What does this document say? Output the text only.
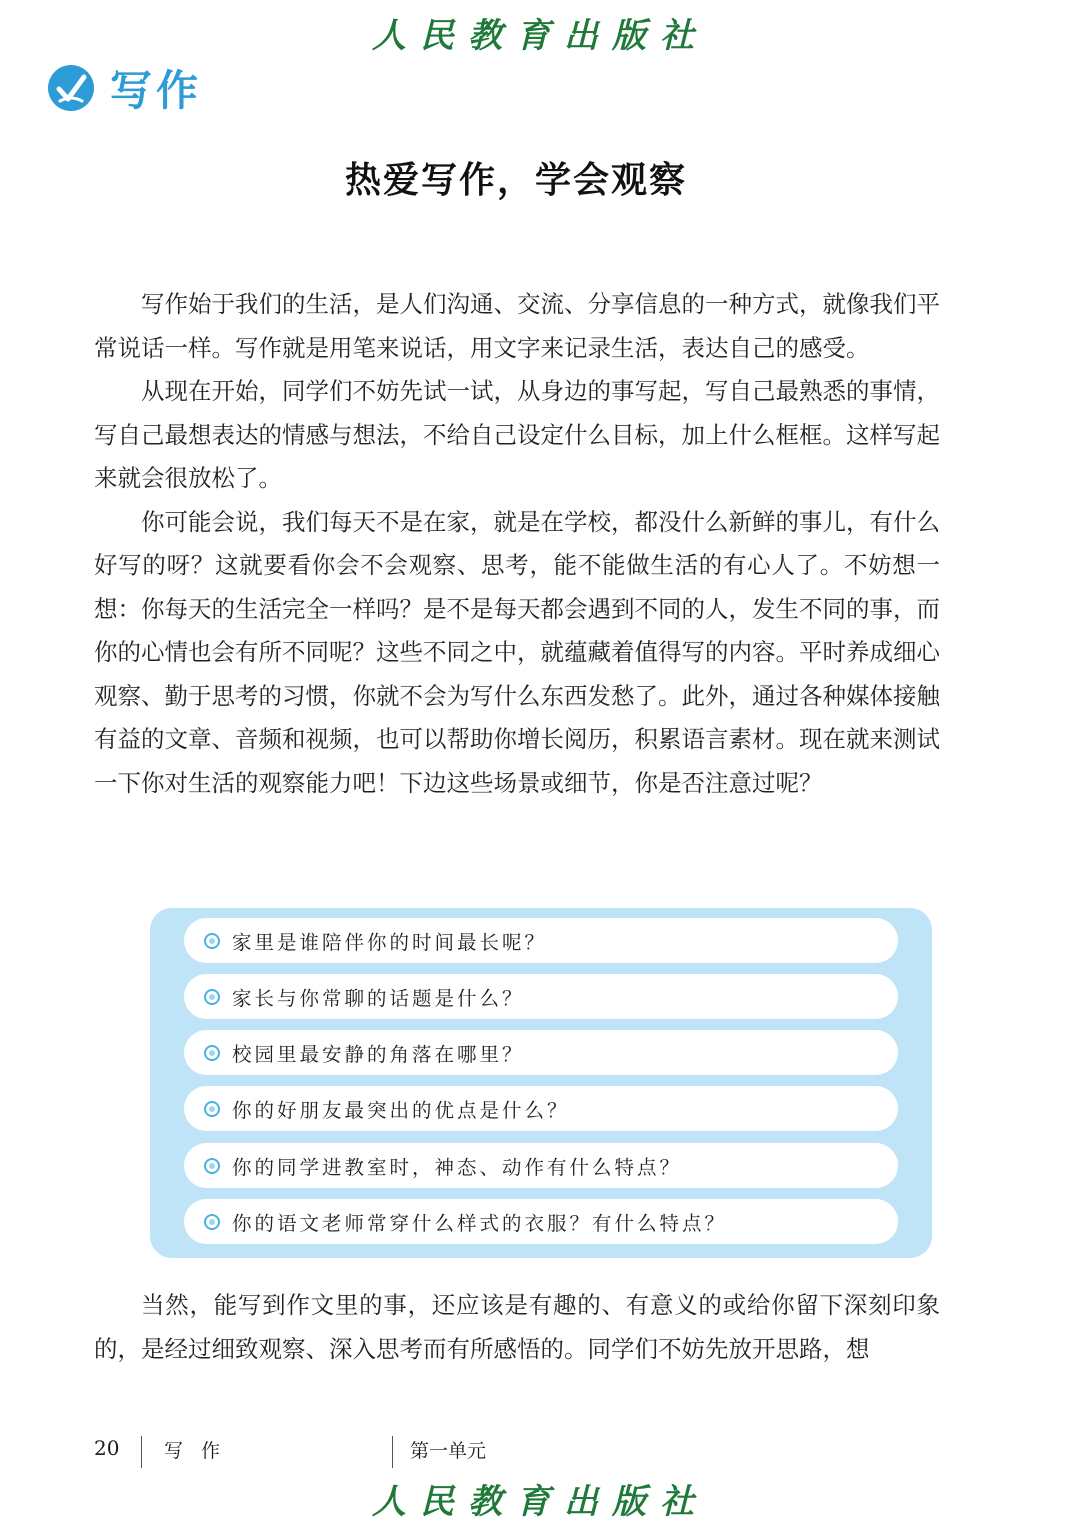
人民教育出版社
写作
热爱写作，学会观察

写作始于我们的生活，是人们沟通、交流、分享信息的一种方式，就像我们平常说话一样。写作就是用笔来说话，用文字来记录生活，表达自己的感受。

从现在开始，同学们不妨先试一试，从身边的事写起，写自己最熟悉的事情，写自己最想表达的情感与想法，不给自己设定什么目标，加上什么框框。这样写起来就会很放松了。

你可能会说，我们每天不是在家，就是在学校，都没什么新鲜的事儿，有什么好写的呀？这就要看你会不会观察、思考，能不能做生活的有心人了。不妨想一想：你每天的生活完全一样吗？是不是每天都会遇到不同的人，发生不同的事，而你的心情也会有所不同呢？这些不同之中，就蕴藏着值得写的内容。平时养成细心观察、勤于思考的习惯，你就不会为写什么东西发愁了。此外，通过各种媒体接触有益的文章、音频和视频，也可以帮助你增长阅历，积累语言素材。现在就来测试一下你对生活的观察能力吧！下边这些场景或细节，你是否注意过呢？

家里是谁陪伴你的时间最长呢？
家长与你常聊的话题是什么？
校园里最安静的角落在哪里？
你的好朋友最突出的优点是什么？
你的同学进教室时，神态、动作有什么特点？
你的语文老师常穿什么样式的衣服？有什么特点？

当然，能写到作文里的事，还应该是有趣的、有意义的或给你留下深刻印象的，是经过细致观察、深入思考而有所感悟的。同学们不妨先放开思路，想

20 写 作	第一单元
人民教育出版社
